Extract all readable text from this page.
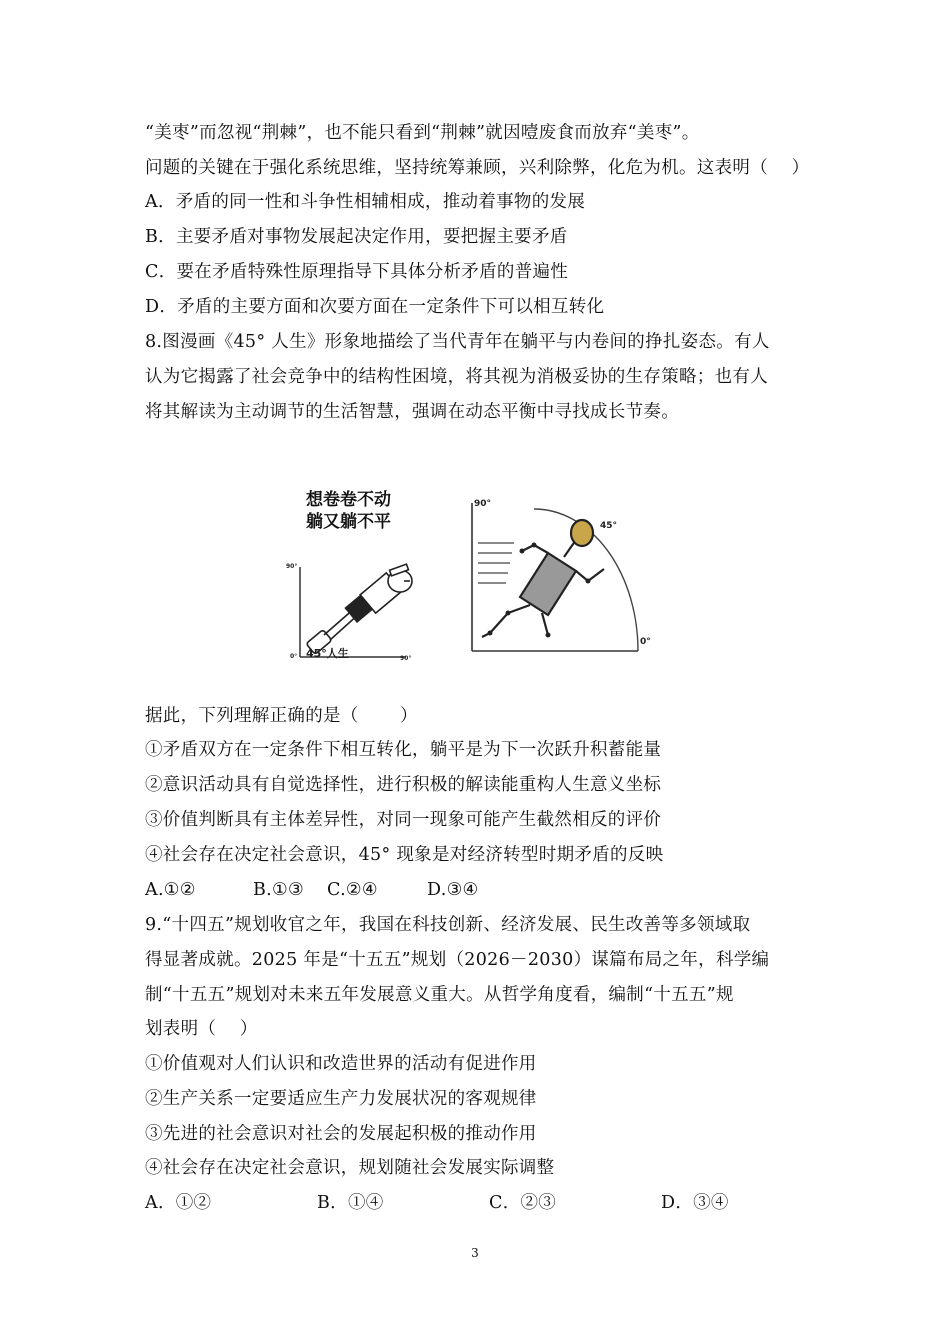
“美枣”而忽视“荆棘”，也不能只看到“荆棘”就因噎废食而放弃“美枣”。
问题的关键在于强化系统思维，坚持统筹兼顾，兴利除弊，化危为机。这表明（　 ）
A．矛盾的同一性和斗争性相辅相成，推动着事物的发展
B．主要矛盾对事物发展起决定作用，要把握主要矛盾
C．要在矛盾特殊性原理指导下具体分析矛盾的普遍性
D．矛盾的主要方面和次要方面在一定条件下可以相互转化
8.图漫画《45° 人生》形象地描绘了当代青年在躺平与内卷间的挣扎姿态。有人
认为它揭露了社会竞争中的结构性困境，将其视为消极妥协的生存策略；也有人
将其解读为主动调节的生活智慧，强调在动态平衡中寻找成长节奏。
想卷卷不动
躺又躺不平
45°人生
90°
0°	90°
90°
45°
0°
据此，下列理解正确的是（　　 ）
①矛盾双方在一定条件下相互转化，躺平是为下一次跃升积蓄能量
②意识活动具有自觉选择性，进行积极的解读能重构人生意义坐标
③价值判断具有主体差异性，对同一现象可能产生截然相反的评价
④社会存在决定社会意识，45° 现象是对经济转型时期矛盾的反映
A.①②	B.①③ C.②④	D.③④
9.“十四五”规划收官之年，我国在科技创新、经济发展、民生改善等多领域取
得显著成就。2025 年是“十五五”规划（2026－2030）谋篇布局之年，科学编
制“十五五”规划对未来五年发展意义重大。从哲学角度看，编制“十五五”规
划表明（　 ）
①价值观对人们认识和改造世界的活动有促进作用
②生产关系一定要适应生产力发展状况的客观规律
③先进的社会意识对社会的发展起积极的推动作用
④社会存在决定社会意识，规划随社会发展实际调整
A．①②	B．①④	C．②③	D．③④
3
